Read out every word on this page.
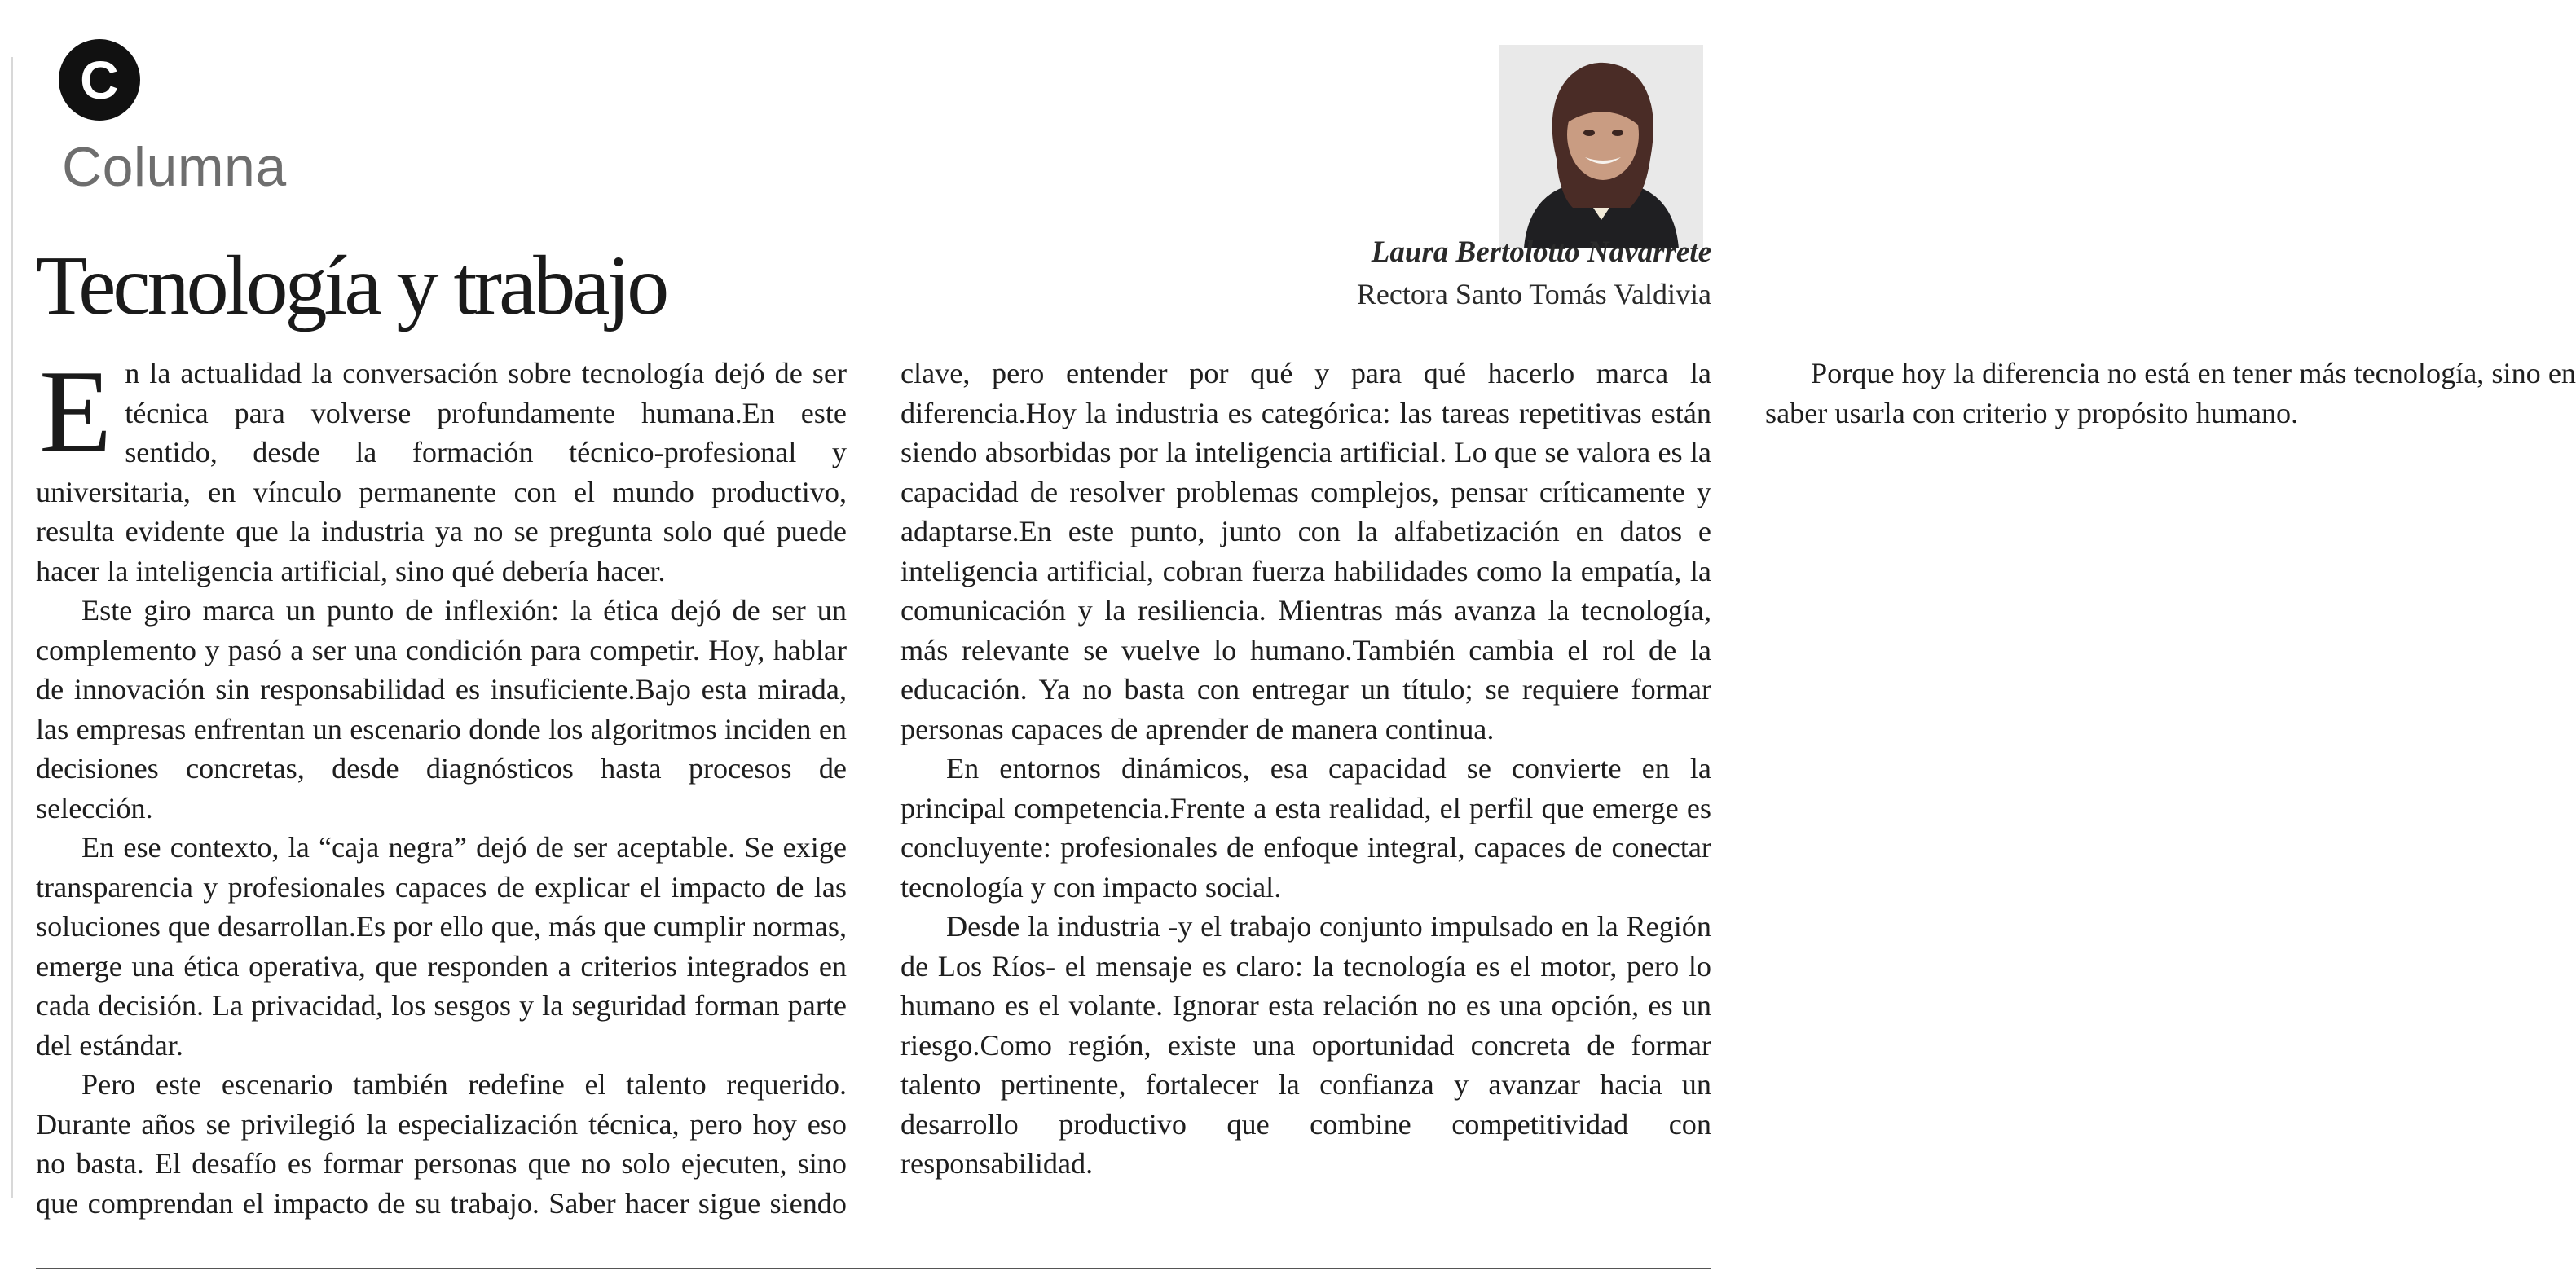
C
Columna
Tecnología y trabajo	Laura Bertolotto Navarrete
Rectora Santo Tomás Valdivia

En la actualidad la conversación sobre tecnología dejó de ser técnica para volverse profundamente humana.En este sentido, desde la formación técnico-profesional y universitaria, en vínculo permanente con el mundo productivo, resulta evidente que la industria ya no se pregunta solo qué puede hacer la inteligencia artificial, sino qué debería hacer.

Este giro marca un punto de inflexión: la ética dejó de ser un complemento y pasó a ser una condición para competir. Hoy, hablar de innovación sin responsabilidad es insuficiente.Bajo esta mirada, las empresas enfrentan un escenario donde los algoritmos inciden en decisiones concretas, desde diagnósticos hasta procesos de selección.

En ese contexto, la “caja negra” dejó de ser aceptable. Se exige transparencia y profesionales capaces de explicar el impacto de las soluciones que desarrollan.Es por ello que, más que cumplir normas, emerge una ética operativa, que responden a criterios integrados en cada decisión. La privacidad, los sesgos y la seguridad forman parte del estándar.

Pero este escenario también redefine el talento requerido. Durante años se privilegió la especialización técnica, pero hoy eso no basta. El desafío es formar personas que no solo ejecuten, sino que comprendan el impacto de su trabajo. Saber hacer sigue siendo clave, pero entender por qué y para qué hacerlo marca la diferencia.Hoy la industria es categórica: las tareas repetitivas están siendo absorbidas por la inteligencia artificial. Lo que se valora es la capacidad de resolver problemas complejos, pensar críticamente y adaptarse.En este punto, junto con la alfabetización en datos e inteligencia artificial, cobran fuerza habilidades como la empatía, la comunicación y la resiliencia. Mientras más avanza la tecnología, más relevante se vuelve lo humano.También cambia el rol de la educación. Ya no basta con entregar un título; se requiere formar personas capaces de aprender de manera continua.

En entornos dinámicos, esa capacidad se convierte en la principal competencia.Frente a esta realidad, el perfil que emerge es concluyente: profesionales de enfoque integral, capaces de conectar tecnología y con impacto social.

Desde la industria -y el trabajo conjunto impulsado en la Región de Los Ríos- el mensaje es claro: la tecnología es el motor, pero lo humano es el volante. Ignorar esta relación no es una opción, es un riesgo.Como región, existe una oportunidad concreta de formar talento pertinente, fortalecer la confianza y avanzar hacia un desarrollo productivo que combine competitividad con responsabilidad.

Porque hoy la diferencia no está en tener más tecnología, sino en saber usarla con criterio y propósito humano.
